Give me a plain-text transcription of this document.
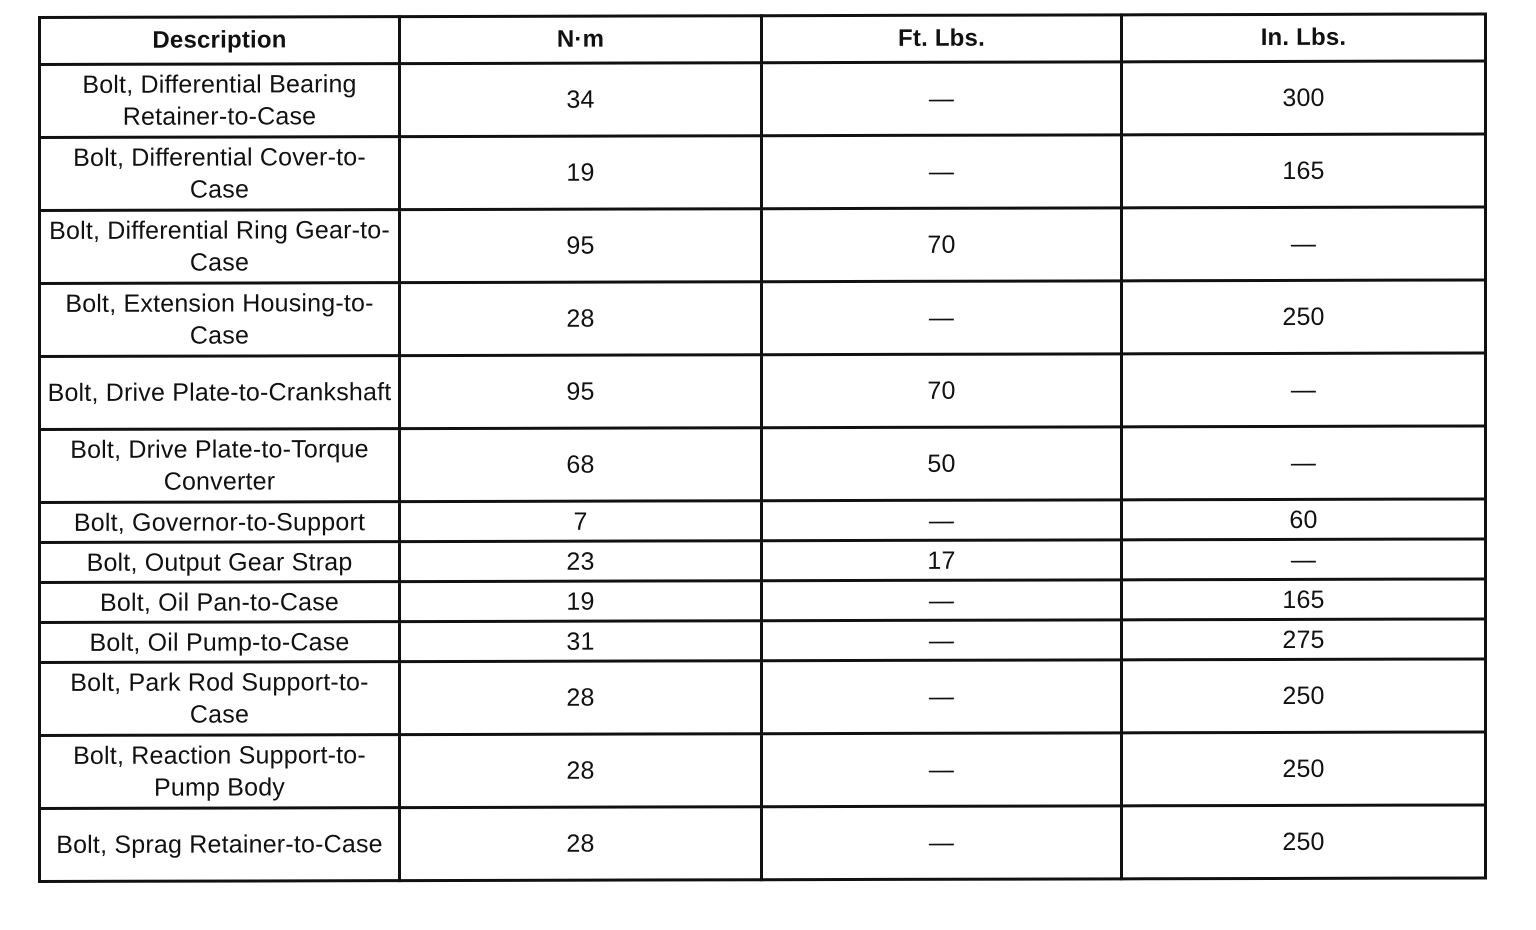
Description	N·m	Ft. Lbs.	In. Lbs.
Bolt, Differential Bearing Retainer-to-Case	34	—	300
Bolt, Differential Cover-to-Case	19	—	165
Bolt, Differential Ring Gear-to-Case	95	70	—
Bolt, Extension Housing-to-Case	28	—	250
Bolt, Drive Plate-to-Crankshaft	95	70	—
Bolt, Drive Plate-to-Torque Converter	68	50	—
Bolt, Governor-to-Support	7	—	60
Bolt, Output Gear Strap	23	17	—
Bolt, Oil Pan-to-Case	19	—	165
Bolt, Oil Pump-to-Case	31	—	275
Bolt, Park Rod Support-to-Case	28	—	250
Bolt, Reaction Support-to-Pump Body	28	—	250
Bolt, Sprag Retainer-to-Case	28	—	250
